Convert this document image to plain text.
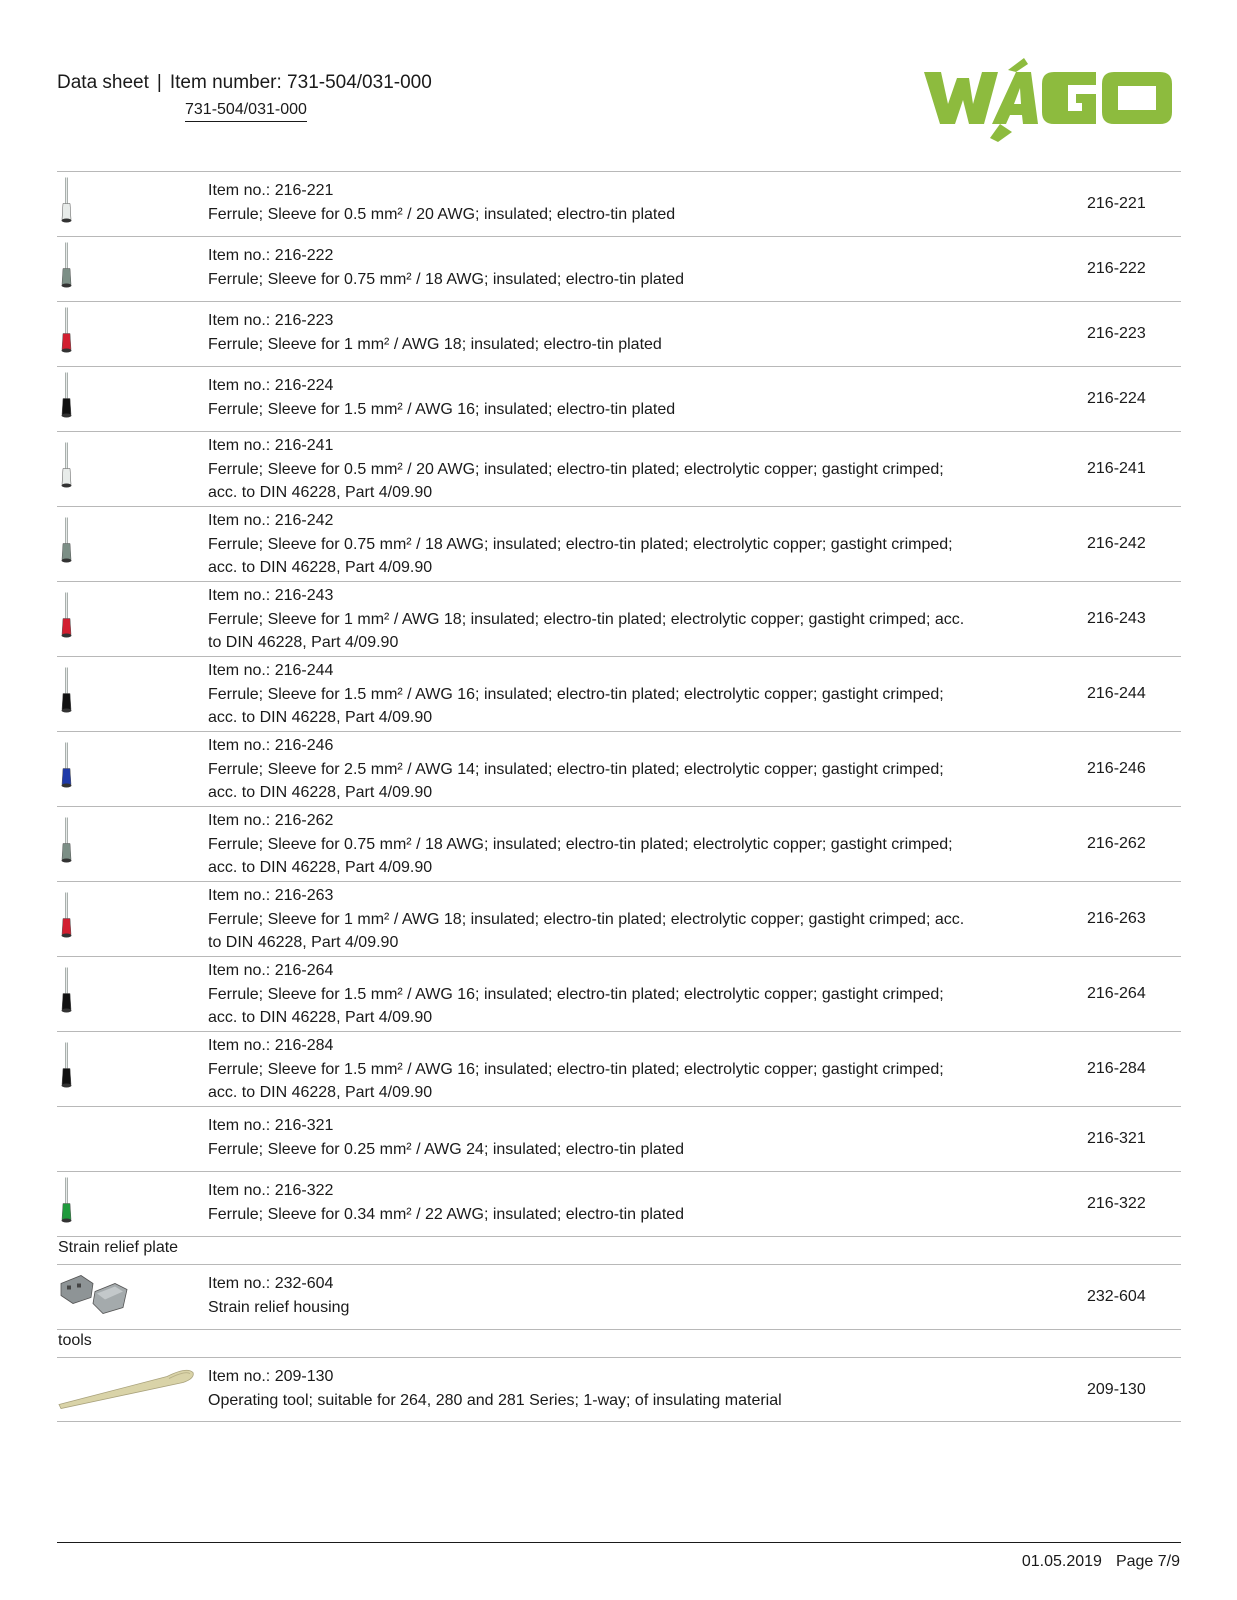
Data sheet | Item number: 731-504/031-000
731-504/031-000
Item no.: 216-221
Ferrule; Sleeve for 0.5 mm² / 20 AWG; insulated; electro-tin plated
216-221
Item no.: 216-222
Ferrule; Sleeve for 0.75 mm² / 18 AWG; insulated; electro-tin plated
216-222
Item no.: 216-223
Ferrule; Sleeve for 1 mm² / AWG 18; insulated; electro-tin plated
216-223
Item no.: 216-224
Ferrule; Sleeve for 1.5 mm² / AWG 16; insulated; electro-tin plated
216-224
Item no.: 216-241
Ferrule; Sleeve for 0.5 mm² / 20 AWG; insulated; electro-tin plated; electrolytic copper; gastight crimped; acc. to DIN 46228, Part 4/09.90
216-241
Item no.: 216-242
Ferrule; Sleeve for 0.75 mm² / 18 AWG; insulated; electro-tin plated; electrolytic copper; gastight crimped; acc. to DIN 46228, Part 4/09.90
216-242
Item no.: 216-243
Ferrule; Sleeve for 1 mm² / AWG 18; insulated; electro-tin plated; electrolytic copper; gastight crimped; acc. to DIN 46228, Part 4/09.90
216-243
Item no.: 216-244
Ferrule; Sleeve for 1.5 mm² / AWG 16; insulated; electro-tin plated; electrolytic copper; gastight crimped; acc. to DIN 46228, Part 4/09.90
216-244
Item no.: 216-246
Ferrule; Sleeve for 2.5 mm² / AWG 14; insulated; electro-tin plated; electrolytic copper; gastight crimped; acc. to DIN 46228, Part 4/09.90
216-246
Item no.: 216-262
Ferrule; Sleeve for 0.75 mm² / 18 AWG; insulated; electro-tin plated; electrolytic copper; gastight crimped; acc. to DIN 46228, Part 4/09.90
216-262
Item no.: 216-263
Ferrule; Sleeve for 1 mm² / AWG 18; insulated; electro-tin plated; electrolytic copper; gastight crimped; acc. to DIN 46228, Part 4/09.90
216-263
Item no.: 216-264
Ferrule; Sleeve for 1.5 mm² / AWG 16; insulated; electro-tin plated; electrolytic copper; gastight crimped; acc. to DIN 46228, Part 4/09.90
216-264
Item no.: 216-284
Ferrule; Sleeve for 1.5 mm² / AWG 16; insulated; electro-tin plated; electrolytic copper; gastight crimped; acc. to DIN 46228, Part 4/09.90
216-284
Item no.: 216-321
Ferrule; Sleeve for 0.25 mm² / AWG 24; insulated; electro-tin plated
216-321
Item no.: 216-322
Ferrule; Sleeve for 0.34 mm² / 22 AWG; insulated; electro-tin plated
216-322
Strain relief plate
Item no.: 232-604
Strain relief housing
232-604
tools
Item no.: 209-130
Operating tool; suitable for 264, 280 and 281 Series; 1-way; of insulating material
209-130
01.05.2019 Page 7/9
